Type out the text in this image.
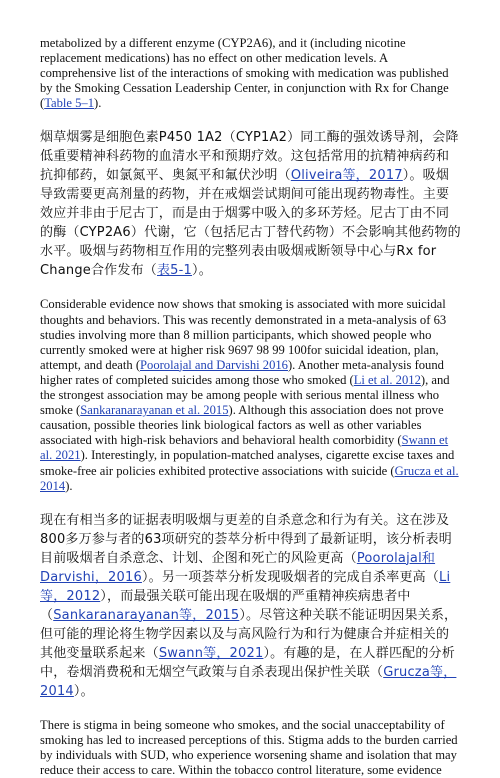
metabolized by a different enzyme (CYP2A6), and it (including nicotine replacement medications) has no effect on other medication levels. A comprehensive list of the interactions of smoking with medication was published by the Smoking Cessation Leadership Center, in conjunction with Rx for Change (Table 5–1).

烟草烟雾是细胞色素P450 1A2（CYP1A2）同工酶的强效诱导剂，会降低重要精神科药物的血清水平和预期疗效。这包括常用的抗精神病药和抗抑郁药，如氯氮平、奥氮平和氟伏沙明（Oliveira等，2017）。吸烟导致需要更高剂量的药物，并在戒烟尝试期间可能出现药物毒性。主要效应并非由于尼古丁，而是由于烟雾中吸入的多环芳烃。尼古丁由不同的酶（CYP2A6）代谢，它（包括尼古丁替代药物）不会影响其他药物的水平。吸烟与药物相互作用的完整列表由吸烟戒断领导中心与Rx for Change合作发布（表5-1）。

Considerable evidence now shows that smoking is associated with more suicidal thoughts and behaviors. This was recently demonstrated in a meta-analysis of 63 studies involving more than 8 million participants, which showed people who currently smoked were at higher risk 9697 98 99 100for suicidal ideation, plan, attempt, and death (Poorolajal and Darvishi 2016). Another meta-analysis found higher rates of completed suicides among those who smoked (Li et al. 2012), and the strongest association may be among people with serious mental illness who smoke (Sankaranarayanan et al. 2015). Although this association does not prove causation, possible theories link biological factors as well as other variables associated with high-risk behaviors and behavioral health comorbidity (Swann et al. 2021). Interestingly, in population-matched analyses, cigarette excise taxes and smoke-free air policies exhibited protective associations with suicide (Grucza et al. 2014).

现在有相当多的证据表明吸烟与更差的自杀意念和行为有关。这在涉及800多万参与者的63项研究的荟萃分析中得到了最新证明，该分析表明目前吸烟者自杀意念、计划、企图和死亡的风险更高（Poorolajal和Darvishi，2016）。另一项荟萃分析发现吸烟者的完成自杀率更高（Li等，2012），而最强关联可能出现在吸烟的严重精神疾病患者中（Sankaranarayanan等，2015）。尽管这种关联不能证明因果关系，但可能的理论将生物学因素以及与高风险行为和行为健康合并症相关的其他变量联系起来（Swann等，2021）。有趣的是，在人群匹配的分析中，卷烟消费税和无烟空气政策与自杀表现出保护性关联（Grucza等，2014）。

There is stigma in being someone who smokes, and the social unacceptability of smoking has led to increased perceptions of this. Stigma adds to the burden carried by individuals with SUD, who experience worsening shame and isolation that may reduce their access to care. Within the tobacco control literature, some evidence
